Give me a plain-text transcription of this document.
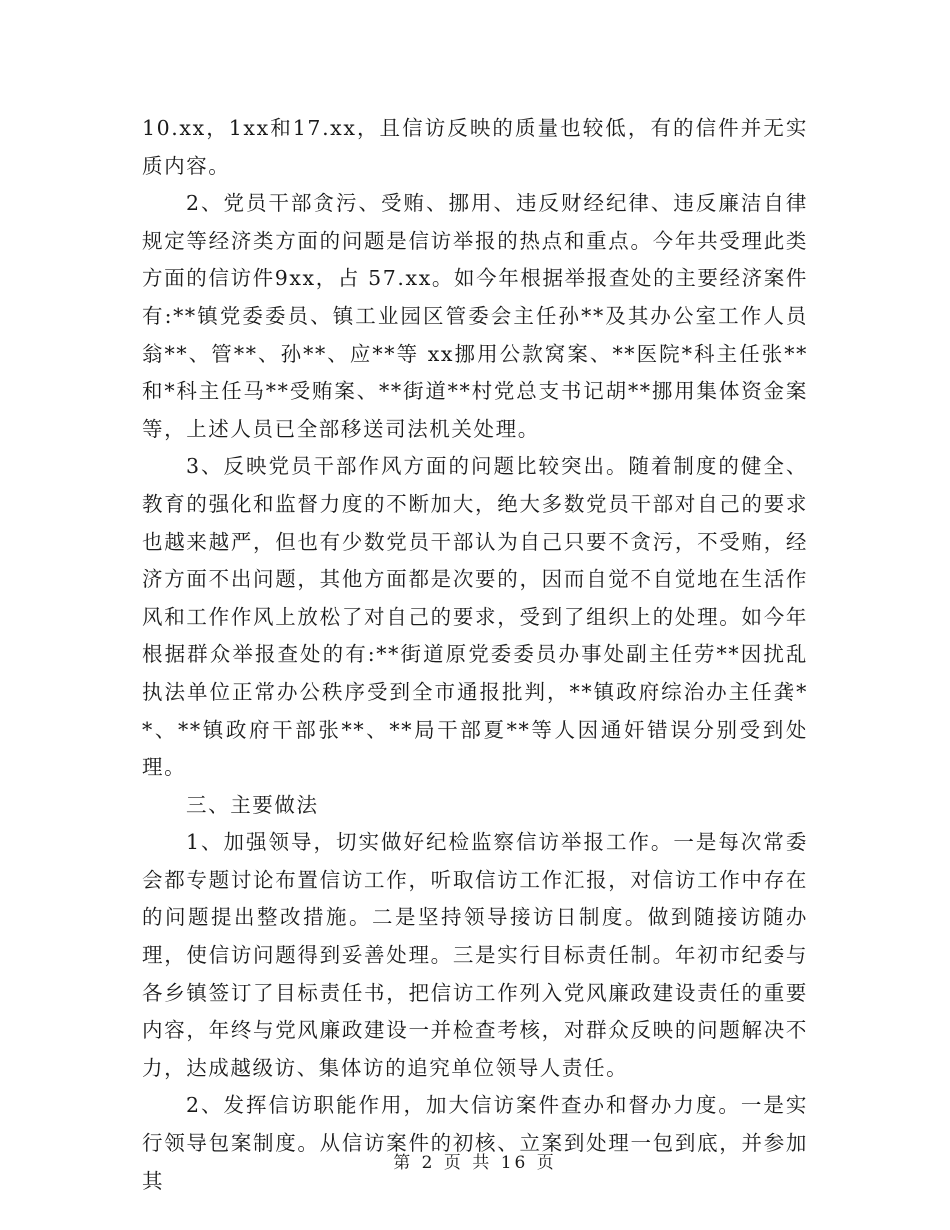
10.xx，1xx和17.xx，且信访反映的质量也较低，有的信件并无实质内容。

2、党员干部贪污、受贿、挪用、违反财经纪律、违反廉洁自律规定等经济类方面的问题是信访举报的热点和重点。今年共受理此类方面的信访件9xx，占 57.xx。如今年根据举报查处的主要经济案件有:**镇党委委员、镇工业园区管委会主任孙**及其办公室工作人员翁**、管**、孙**、应**等 xx挪用公款窝案、**医院*科主任张**和*科主任马**受贿案、**街道**村党总支书记胡**挪用集体资金案等，上述人员已全部移送司法机关处理。

3、反映党员干部作风方面的问题比较突出。随着制度的健全、教育的强化和监督力度的不断加大，绝大多数党员干部对自己的要求也越来越严，但也有少数党员干部认为自己只要不贪污，不受贿，经济方面不出问题，其他方面都是次要的，因而自觉不自觉地在生活作风和工作作风上放松了对自己的要求，受到了组织上的处理。如今年根据群众举报查处的有:**街道原党委委员办事处副主任劳**因扰乱执法单位正常办公秩序受到全市通报批判，**镇政府综治办主任龚**、**镇政府干部张**、**局干部夏**等人因通奸错误分别受到处理。

三、主要做法

1、加强领导，切实做好纪检监察信访举报工作。一是每次常委会都专题讨论布置信访工作，听取信访工作汇报，对信访工作中存在的问题提出整改措施。二是坚持领导接访日制度。做到随接访随办理，使信访问题得到妥善处理。三是实行目标责任制。年初市纪委与各乡镇签订了目标责任书，把信访工作列入党风廉政建设责任的重要内容，年终与党风廉政建设一并检查考核，对群众反映的问题解决不力，达成越级访、集体访的追究单位领导人责任。

2、发挥信访职能作用，加大信访案件查办和督办力度。一是实行领导包案制度。从信访案件的初核、立案到处理一包到底，并参加其

第 2 页 共 16 页
